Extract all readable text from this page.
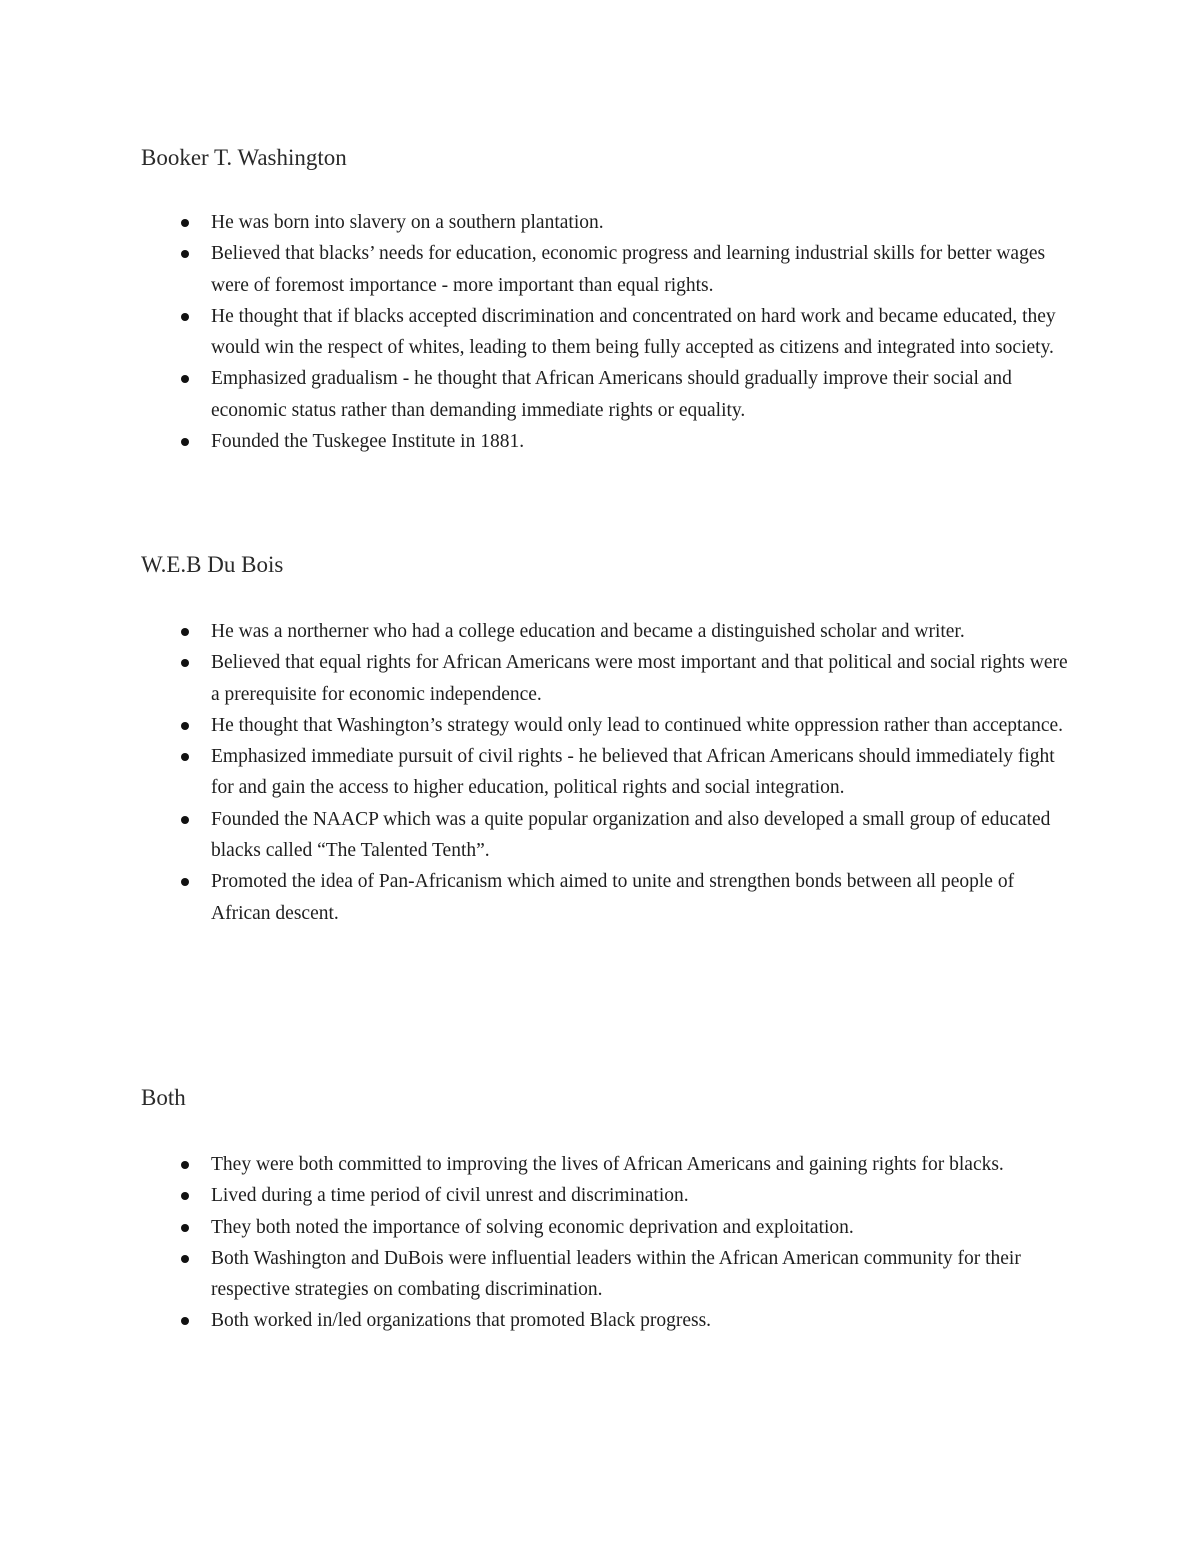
Booker T. Washington
He was born into slavery on a southern plantation.
Believed that blacks’ needs for education, economic progress and learning industrial skills for better wages were of foremost importance - more important than equal rights.
He thought that if blacks accepted discrimination and concentrated on hard work and became educated, they would win the respect of whites, leading to them being fully accepted as citizens and integrated into society.
Emphasized gradualism - he thought that African Americans should gradually improve their social and economic status rather than demanding immediate rights or equality.
Founded the Tuskegee Institute in 1881.
W.E.B Du Bois
He was a northerner who had a college education and became a distinguished scholar and writer.
Believed that equal rights for African Americans were most important and that political and social rights were a prerequisite for economic independence.
He thought that Washington’s strategy would only lead to continued white oppression rather than acceptance.
Emphasized immediate pursuit of civil rights - he believed that African Americans should immediately fight for and gain the access to higher education, political rights and social integration.
Founded the NAACP which was a quite popular organization and also developed a small group of educated blacks called “The Talented Tenth”.
Promoted the idea of Pan-Africanism which aimed to unite and strengthen bonds between all people of African descent.
Both
They were both committed to improving the lives of African Americans and gaining rights for blacks.
Lived during a time period of civil unrest and discrimination.
They both noted the importance of solving economic deprivation and exploitation.
Both Washington and DuBois were influential leaders within the African American community for their respective strategies on combating discrimination.
Both worked in/led organizations that promoted Black progress.
